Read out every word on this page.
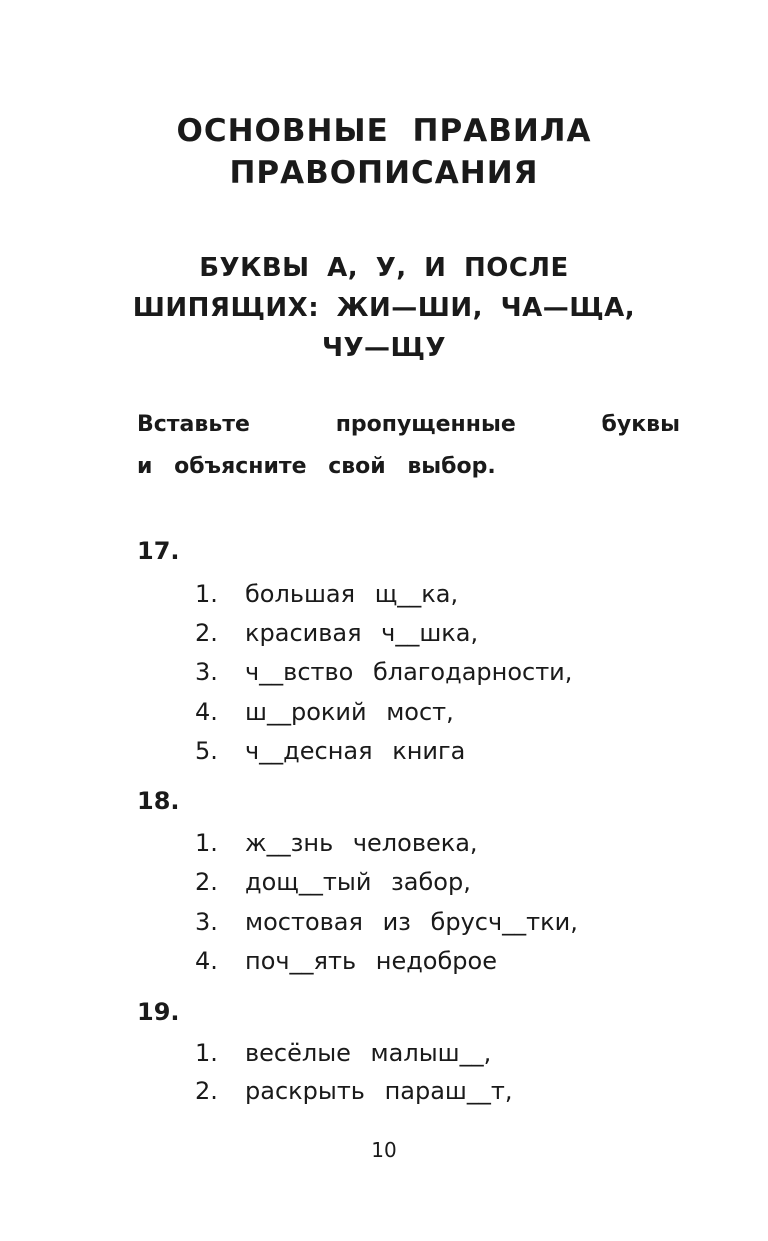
ОСНОВНЫЕ ПРАВИЛА
ПРАВОПИСАНИЯ
БУКВЫ А, У, И ПОСЛЕ
ШИПЯЩИХ: ЖИ—ШИ, ЧА—ЩА,
ЧУ—ЩУ
Вставьте	пропущенные	буквы
и объясните свой выбор.
17.
1. большая щ__ка,
2. красивая ч__шка,
3. ч__вство благодарности,
4. ш__рокий мост,
5. ч__десная книга
18.
1. ж__знь человека,
2. дощ__тый забор,
3. мостовая из брусч__тки,
4. поч__ять недоброе
19.
1. весёлые малыш__,
2. раскрыть параш__т,
10
